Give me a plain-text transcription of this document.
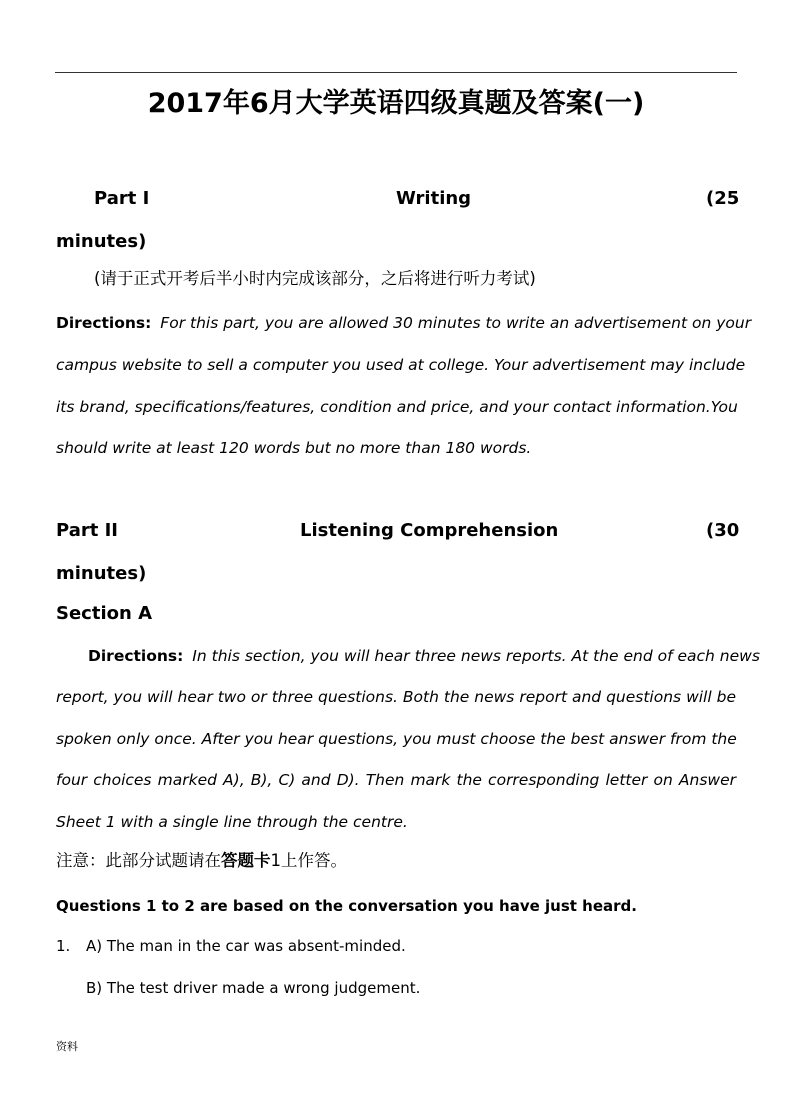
2017年6月大学英语四级真题及答案(一)
Part I	Writing	(25
minutes)
(请于正式开考后半小时内完成该部分，之后将进行听力考试)
Directions: For this part, you are allowed 30 minutes to write an advertisement on your
campus website to sell a computer you used at college. Your advertisement may include
its brand, specifications/features, condition and price, and your contact information.You
should write at least 120 words but no more than 180 words.
Part II	Listening Comprehension	(30
minutes)
Section A
Directions: In this section, you will hear three news reports. At the end of each news
report, you will hear two or three questions. Both the news report and questions will be
spoken only once. After you hear questions, you must choose the best answer from the
four choices marked A), B), C) and D). Then mark the corresponding letter on Answer
Sheet 1 with a single line through the centre.
注意：此部分试题请在答题卡1上作答。
Questions 1 to 2 are based on the conversation you have just heard.
1. A) The man in the car was absent-minded.
B) The test driver made a wrong judgement.
资料
